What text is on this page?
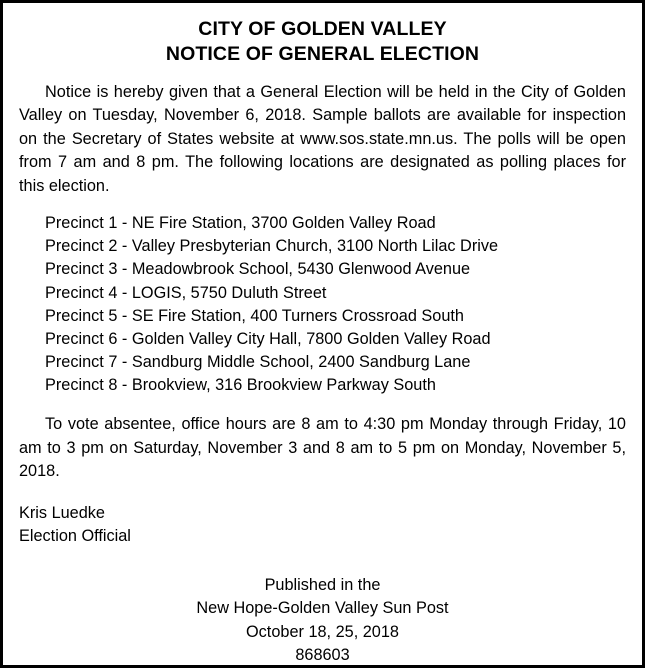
CITY OF GOLDEN VALLEY
NOTICE OF GENERAL ELECTION

Notice is hereby given that a General Election will be held in the City of Golden Valley on Tuesday, November 6, 2018. Sample ballots are available for inspection on the Secretary of States website at www.sos.state.mn.us. The polls will be open from 7 am and 8 pm. The following locations are designated as polling places for this election.

Precinct 1 - NE Fire Station, 3700 Golden Valley Road
Precinct 2 - Valley Presbyterian Church, 3100 North Lilac Drive
Precinct 3 - Meadowbrook School, 5430 Glenwood Avenue
Precinct 4 - LOGIS, 5750 Duluth Street
Precinct 5 - SE Fire Station, 400 Turners Crossroad South
Precinct 6 - Golden Valley City Hall, 7800 Golden Valley Road
Precinct 7 - Sandburg Middle School, 2400 Sandburg Lane
Precinct 8 - Brookview, 316 Brookview Parkway South

To vote absentee, office hours are 8 am to 4:30 pm Monday through Friday, 10 am to 3 pm on Saturday, November 3 and 8 am to 5 pm on Monday, November 5, 2018.

Kris Luedke
Election Official
Published in the
New Hope-Golden Valley Sun Post
October 18, 25, 2018
868603
